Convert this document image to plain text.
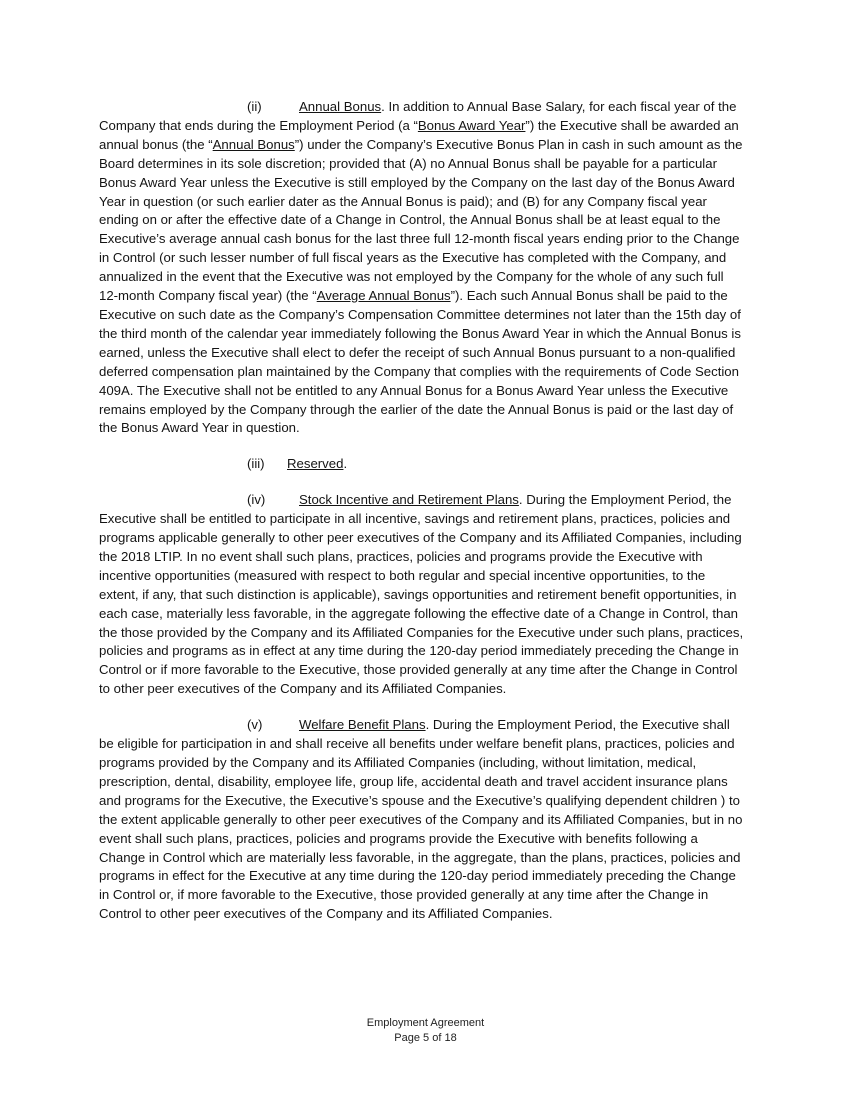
(ii)	Annual Bonus. In addition to Annual Base Salary, for each fiscal year of the Company that ends during the Employment Period (a “Bonus Award Year”) the Executive shall be awarded an annual bonus (the “Annual Bonus”) under the Company’s Executive Bonus Plan in cash in such amount as the Board determines in its sole discretion; provided that (A) no Annual Bonus shall be payable for a particular Bonus Award Year unless the Executive is still employed by the Company on the last day of the Bonus Award Year in question (or such earlier dater as the Annual Bonus is paid); and (B) for any Company fiscal year ending on or after the effective date of a Change in Control, the Annual Bonus shall be at least equal to the Executive’s average annual cash bonus for the last three full 12-month fiscal years ending prior to the Change in Control (or such lesser number of full fiscal years as the Executive has completed with the Company, and annualized in the event that the Executive was not employed by the Company for the whole of any such full 12-month Company fiscal year) (the “Average Annual Bonus”). Each such Annual Bonus shall be paid to the Executive on such date as the Company’s Compensation Committee determines not later than the 15th day of the third month of the calendar year immediately following the Bonus Award Year in which the Annual Bonus is earned, unless the Executive shall elect to defer the receipt of such Annual Bonus pursuant to a non-qualified deferred compensation plan maintained by the Company that complies with the requirements of Code Section 409A. The Executive shall not be entitled to any Annual Bonus for a Bonus Award Year unless the Executive remains employed by the Company through the earlier of the date the Annual Bonus is paid or the last day of the Bonus Award Year in question.

(iii) Reserved.

(iv)	Stock Incentive and Retirement Plans. During the Employment Period, the Executive shall be entitled to participate in all incentive, savings and retirement plans, practices, policies and programs applicable generally to other peer executives of the Company and its Affiliated Companies, including the 2018 LTIP. In no event shall such plans, practices, policies and programs provide the Executive with incentive opportunities (measured with respect to both regular and special incentive opportunities, to the extent, if any, that such distinction is applicable), savings opportunities and retirement benefit opportunities, in each case, materially less favorable, in the aggregate following the effective date of a Change in Control, than the those provided by the Company and its Affiliated Companies for the Executive under such plans, practices, policies and programs as in effect at any time during the 120-day period immediately preceding the Change in Control or if more favorable to the Executive, those provided generally at any time after the Change in Control to other peer executives of the Company and its Affiliated Companies.

(v)	Welfare Benefit Plans. During the Employment Period, the Executive shall be eligible for participation in and shall receive all benefits under welfare benefit plans, practices, policies and programs provided by the Company and its Affiliated Companies (including, without limitation, medical, prescription, dental, disability, employee life, group life, accidental death and travel accident insurance plans and programs for the Executive, the Executive’s spouse and the Executive’s qualifying dependent children ) to the extent applicable generally to other peer executives of the Company and its Affiliated Companies, but in no event shall such plans, practices, policies and programs provide the Executive with benefits following a Change in Control which are materially less favorable, in the aggregate, than the plans, practices, policies and programs in effect for the Executive at any time during the 120-day period immediately preceding the Change in Control or, if more favorable to the Executive, those provided generally at any time after the Change in Control to other peer executives of the Company and its Affiliated Companies.

Employment Agreement
Page 5 of 18
